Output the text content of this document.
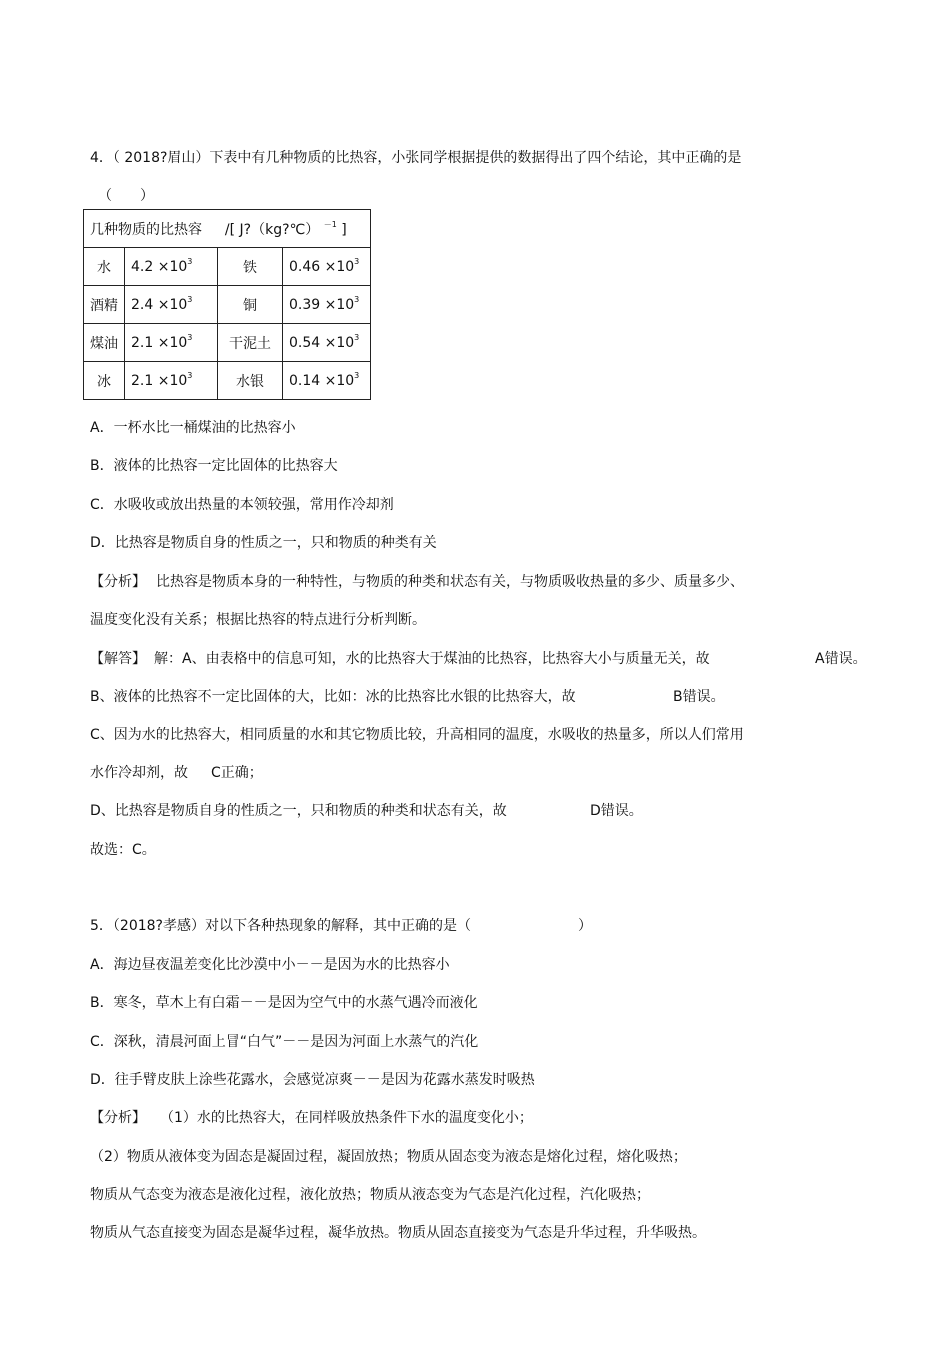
4．（ 2018?眉山）下表中有几种物质的比热容，小张同学根据提供的数据得出了四个结论，其中正确的是
（　　）
几种物质的比热容 /[ J?（kg?℃） $^{-1}$ ]			
水	$4.2 \times 10^3$	铁	$0.46 \times 10^3$
酒精	$2.4 \times 10^3$	铜	$0.39 \times 10^3$
煤油	$2.1 \times 10^3$	干泥土	$0.54 \times 10^3$
冰	$2.1 \times 10^3$	水银	$0.14 \times 10^3$
A．一杯水比一桶煤油的比热容小
B．液体的比热容一定比固体的比热容大
C．水吸收或放出热量的本领较强，常用作冷却剂
D．比热容是物质自身的性质之一，只和物质的种类有关
【分析】 比热容是物质本身的一种特性，与物质的种类和状态有关，与物质吸收热量的多少、质量多少、
温度变化没有关系；根据比热容的特点进行分析判断。
【解答】 解：A、由表格中的信息可知，水的比热容大于煤油的比热容，比热容大小与质量无关，故	A错误。
B、液体的比热容不一定比固体的大，比如：冰的比热容比水银的比热容大，故	B错误。
C、因为水的比热容大，相同质量的水和其它物质比较，升高相同的温度，水吸收的热量多，所以人们常用
水作冷却剂，故 C正确；
D、比热容是物质自身的性质之一，只和物质的种类和状态有关，故	D错误。
故选：C。
5．（2018?孝感）对以下各种热现象的解释，其中正确的是（	）
A．海边昼夜温差变化比沙漠中小－－是因为水的比热容小
B．寒冬，草木上有白霜－－是因为空气中的水蒸气遇冷而液化
C．深秋，清晨河面上冒“白气”－－是因为河面上水蒸气的汽化
D．往手臂皮肤上涂些花露水，会感觉凉爽－－是因为花露水蒸发时吸热
【分析】 （1）水的比热容大，在同样吸放热条件下水的温度变化小；
（2）物质从液体变为固态是凝固过程，凝固放热；物质从固态变为液态是熔化过程，熔化吸热；
物质从气态变为液态是液化过程，液化放热；物质从液态变为气态是汽化过程，汽化吸热；
物质从气态直接变为固态是凝华过程，凝华放热。物质从固态直接变为气态是升华过程，升华吸热。
